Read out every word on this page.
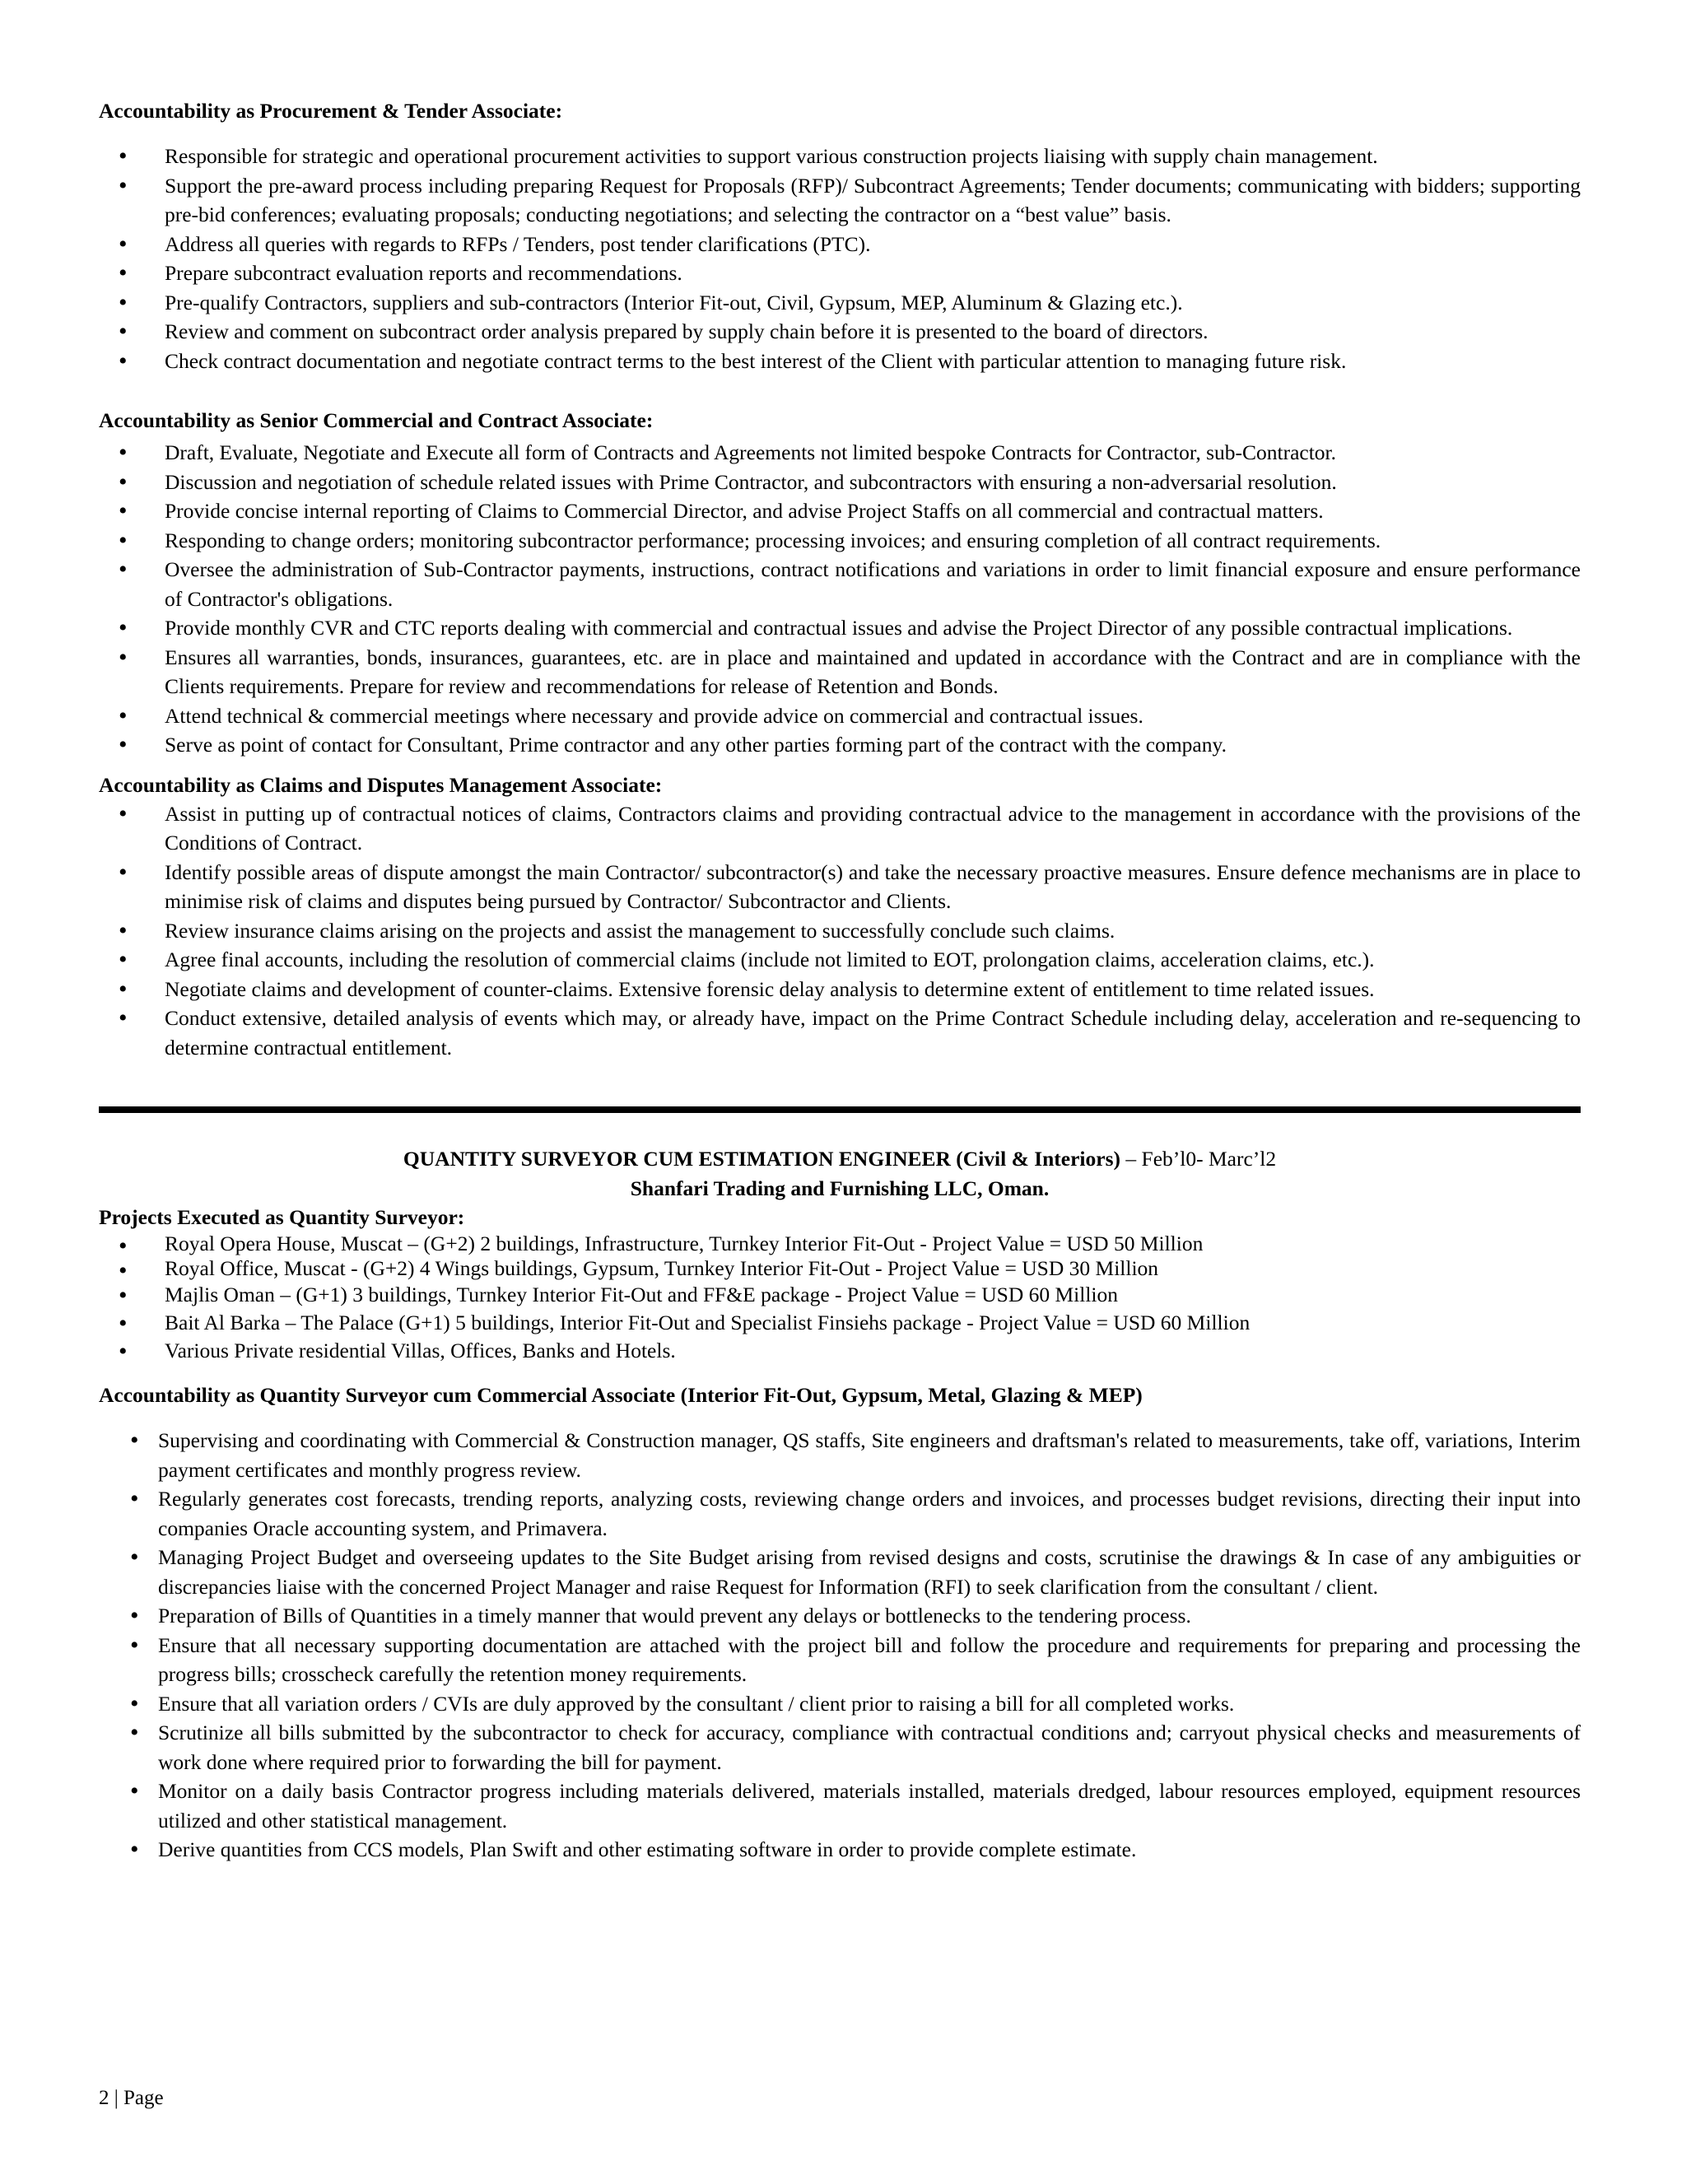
Accountability as Procurement & Tender Associate:

• Responsible for strategic and operational procurement activities to support various construction projects liaising with supply chain management.
• Support the pre-award process including preparing Request for Proposals (RFP)/ Subcontract Agreements; Tender documents; communicating with bidders; supporting pre-bid conferences; evaluating proposals; conducting negotiations; and selecting the contractor on a “best value” basis.
• Address all queries with regards to RFPs / Tenders, post tender clarifications (PTC).
• Prepare subcontract evaluation reports and recommendations.
• Pre-qualify Contractors, suppliers and sub-contractors (Interior Fit-out, Civil, Gypsum, MEP, Aluminum & Glazing etc.).
• Review and comment on subcontract order analysis prepared by supply chain before it is presented to the board of directors.
• Check contract documentation and negotiate contract terms to the best interest of the Client with particular attention to managing future risk.

Accountability as Senior Commercial and Contract Associate:

• Draft, Evaluate, Negotiate and Execute all form of Contracts and Agreements not limited bespoke Contracts for Contractor, sub-Contractor.
• Discussion and negotiation of schedule related issues with Prime Contractor, and subcontractors with ensuring a non-adversarial resolution.
• Provide concise internal reporting of Claims to Commercial Director, and advise Project Staffs on all commercial and contractual matters.
• Responding to change orders; monitoring subcontractor performance; processing invoices; and ensuring completion of all contract requirements.
• Oversee the administration of Sub-Contractor payments, instructions, contract notifications and variations in order to limit financial exposure and ensure performance of Contractor's obligations.
• Provide monthly CVR and CTC reports dealing with commercial and contractual issues and advise the Project Director of any possible contractual implications.
• Ensures all warranties, bonds, insurances, guarantees, etc. are in place and maintained and updated in accordance with the Contract and are in compliance with the Clients requirements. Prepare for review and recommendations for release of Retention and Bonds.
• Attend technical & commercial meetings where necessary and provide advice on commercial and contractual issues.
• Serve as point of contact for Consultant, Prime contractor and any other parties forming part of the contract with the company.

Accountability as Claims and Disputes Management Associate:

• Assist in putting up of contractual notices of claims, Contractors claims and providing contractual advice to the management in accordance with the provisions of the Conditions of Contract.
• Identify possible areas of dispute amongst the main Contractor/ subcontractor(s) and take the necessary proactive measures. Ensure defence mechanisms are in place to minimise risk of claims and disputes being pursued by Contractor/ Subcontractor and Clients.
• Review insurance claims arising on the projects and assist the management to successfully conclude such claims.
• Agree final accounts, including the resolution of commercial claims (include not limited to EOT, prolongation claims, acceleration claims, etc.).
• Negotiate claims and development of counter-claims. Extensive forensic delay analysis to determine extent of entitlement to time related issues.
• Conduct extensive, detailed analysis of events which may, or already have, impact on the Prime Contract Schedule including delay, acceleration and re-sequencing to determine contractual entitlement.

QUANTITY SURVEYOR CUM ESTIMATION ENGINEER (Civil & Interiors) – Feb’l0- Marc’l2

Shanfari Trading and Furnishing LLC, Oman.

Projects Executed as Quantity Surveyor:

• Royal Opera House, Muscat – (G+2) 2 buildings, Infrastructure, Turnkey Interior Fit-Out - Project Value = USD 50 Million
• Royal Office, Muscat - (G+2) 4 Wings buildings, Gypsum, Turnkey Interior Fit-Out - Project Value = USD 30 Million
• Majlis Oman – (G+1) 3 buildings, Turnkey Interior Fit-Out and FF&E package - Project Value = USD 60 Million
• Bait Al Barka – The Palace (G+1) 5 buildings, Interior Fit-Out and Specialist Finsiehs package - Project Value = USD 60 Million
• Various Private residential Villas, Offices, Banks and Hotels.

Accountability as Quantity Surveyor cum Commercial Associate (Interior Fit-Out, Gypsum, Metal, Glazing & MEP)

• Supervising and coordinating with Commercial & Construction manager, QS staffs, Site engineers and draftsman's related to measurements, take off, variations, Interim payment certificates and monthly progress review.
• Regularly generates cost forecasts, trending reports, analyzing costs, reviewing change orders and invoices, and processes budget revisions, directing their input into companies Oracle accounting system, and Primavera.
• Managing Project Budget and overseeing updates to the Site Budget arising from revised designs and costs, scrutinise the drawings & In case of any ambiguities or discrepancies liaise with the concerned Project Manager and raise Request for Information (RFI) to seek clarification from the consultant / client.
• Preparation of Bills of Quantities in a timely manner that would prevent any delays or bottlenecks to the tendering process.
• Ensure that all necessary supporting documentation are attached with the project bill and follow the procedure and requirements for preparing and processing the progress bills; crosscheck carefully the retention money requirements.
• Ensure that all variation orders / CVIs are duly approved by the consultant / client prior to raising a bill for all completed works.
• Scrutinize all bills submitted by the subcontractor to check for accuracy, compliance with contractual conditions and; carryout physical checks and measurements of work done where required prior to forwarding the bill for payment.
• Monitor on a daily basis Contractor progress including materials delivered, materials installed, materials dredged, labour resources employed, equipment resources utilized and other statistical management.
• Derive quantities from CCS models, Plan Swift and other estimating software in order to provide complete estimate.
2 | Page
